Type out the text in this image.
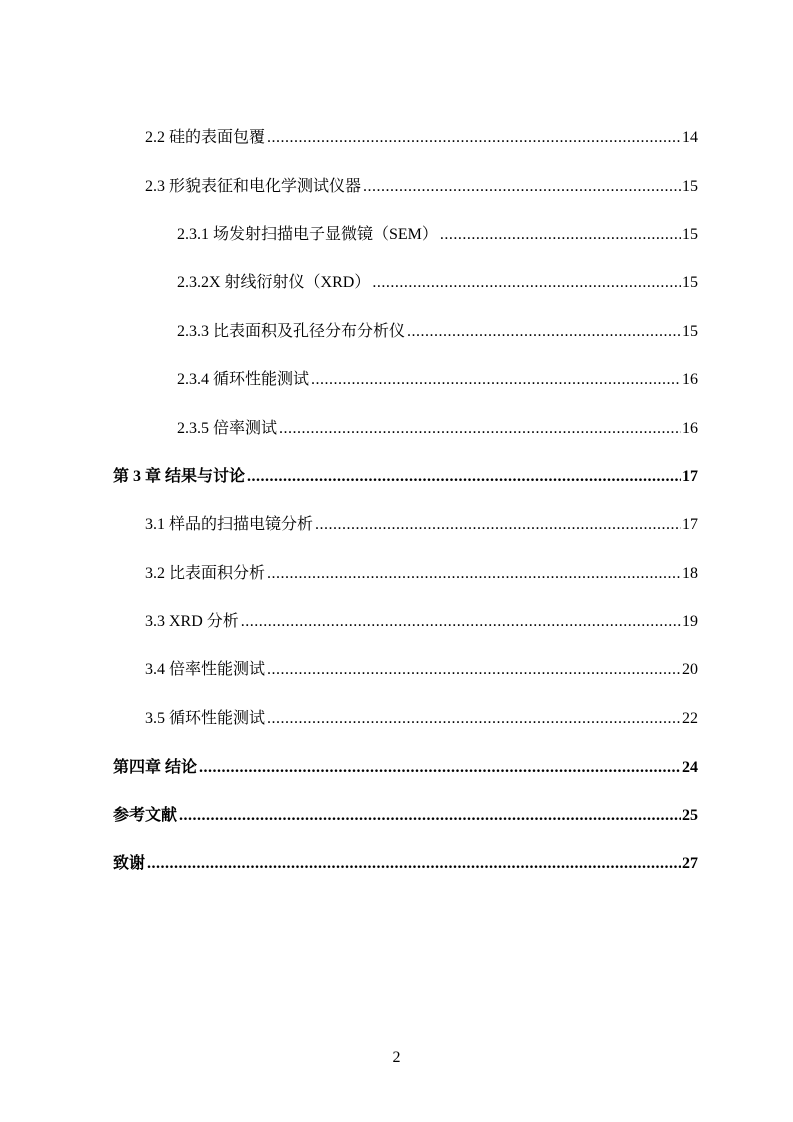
2.2 硅的表面包覆 .....	14
2.3 形貌表征和电化学测试仪器 .....	15
2.3.1 场发射扫描电子显微镜（SEM） .....	15
2.3.2X 射线衍射仪（XRD） .....	15
2.3.3 比表面积及孔径分布分析仪 .....	15
2.3.4 循环性能测试 .....	16
2.3.5 倍率测试 .....	16
第 3 章 结果与讨论 .....	17
3.1 样品的扫描电镜分析 .....	17
3.2 比表面积分析 .....	18
3.3 XRD 分析 .....	19
3.4 倍率性能测试 .....	20
3.5 循环性能测试 .....	22
第四章 结论 .....	24
参考文献 .....	25
致谢 .....	27
2
